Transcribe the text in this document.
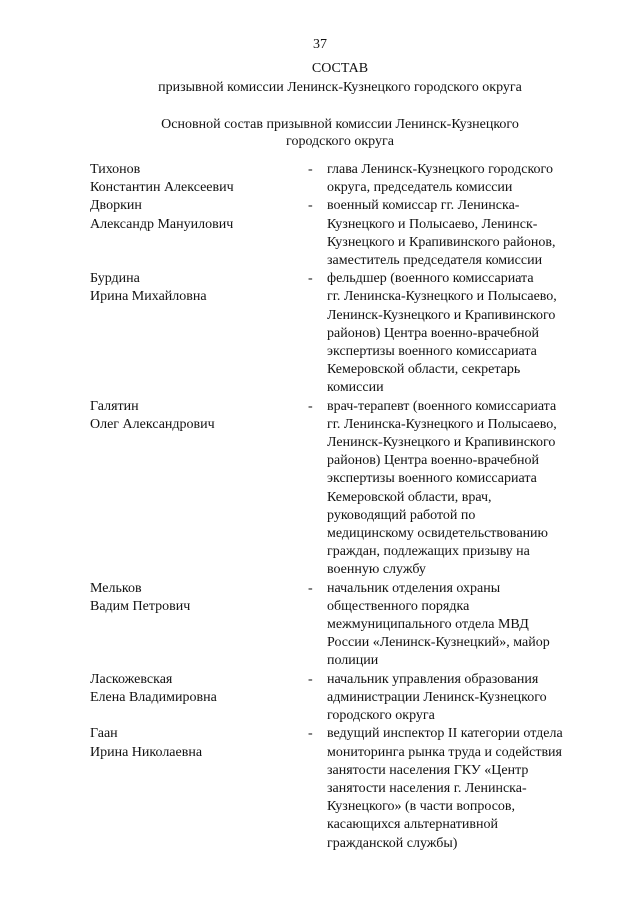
37
СОСТАВ
призывной комиссии Ленинск-Кузнецкого городского округа
Основной состав призывной комиссии Ленинск-Кузнецкого
городского округа
Тихонов
Константин Алексеевич
- глава Ленинск-Кузнецкого городского
округа, председатель комиссии
Дворкин
Александр Мануилович
- военный комиссар гг. Ленинска-
Кузнецкого и Полысаево, Ленинск-
Кузнецкого и Крапивинского районов,
заместитель председателя комиссии
Бурдина
Ирина Михайловна
- фельдшер (военного комиссариата
гг. Ленинска-Кузнецкого и Полысаево,
Ленинск-Кузнецкого и Крапивинского
районов) Центра военно-врачебной
экспертизы военного комиссариата
Кемеровской области, секретарь
комиссии
Галятин
Олег Александрович
- врач-терапевт (военного комиссариата
гг. Ленинска-Кузнецкого и Полысаево,
Ленинск-Кузнецкого и Крапивинского
районов) Центра военно-врачебной
экспертизы военного комиссариата
Кемеровской области, врач,
руководящий работой по
медицинскому освидетельствованию
граждан, подлежащих призыву на
военную службу
Мельков
Вадим Петрович
- начальник отделения охраны
общественного порядка
межмуниципального отдела МВД
России «Ленинск-Кузнецкий», майор
полиции
Ласкожевская
Елена Владимировна
- начальник управления образования
администрации Ленинск-Кузнецкого
городского округа
Гаан
Ирина Николаевна
- ведущий инспектор II категории отдела
мониторинга рынка труда и содействия
занятости населения ГКУ «Центр
занятости населения г. Ленинска-
Кузнецкого» (в части вопросов,
касающихся альтернативной
гражданской службы)
